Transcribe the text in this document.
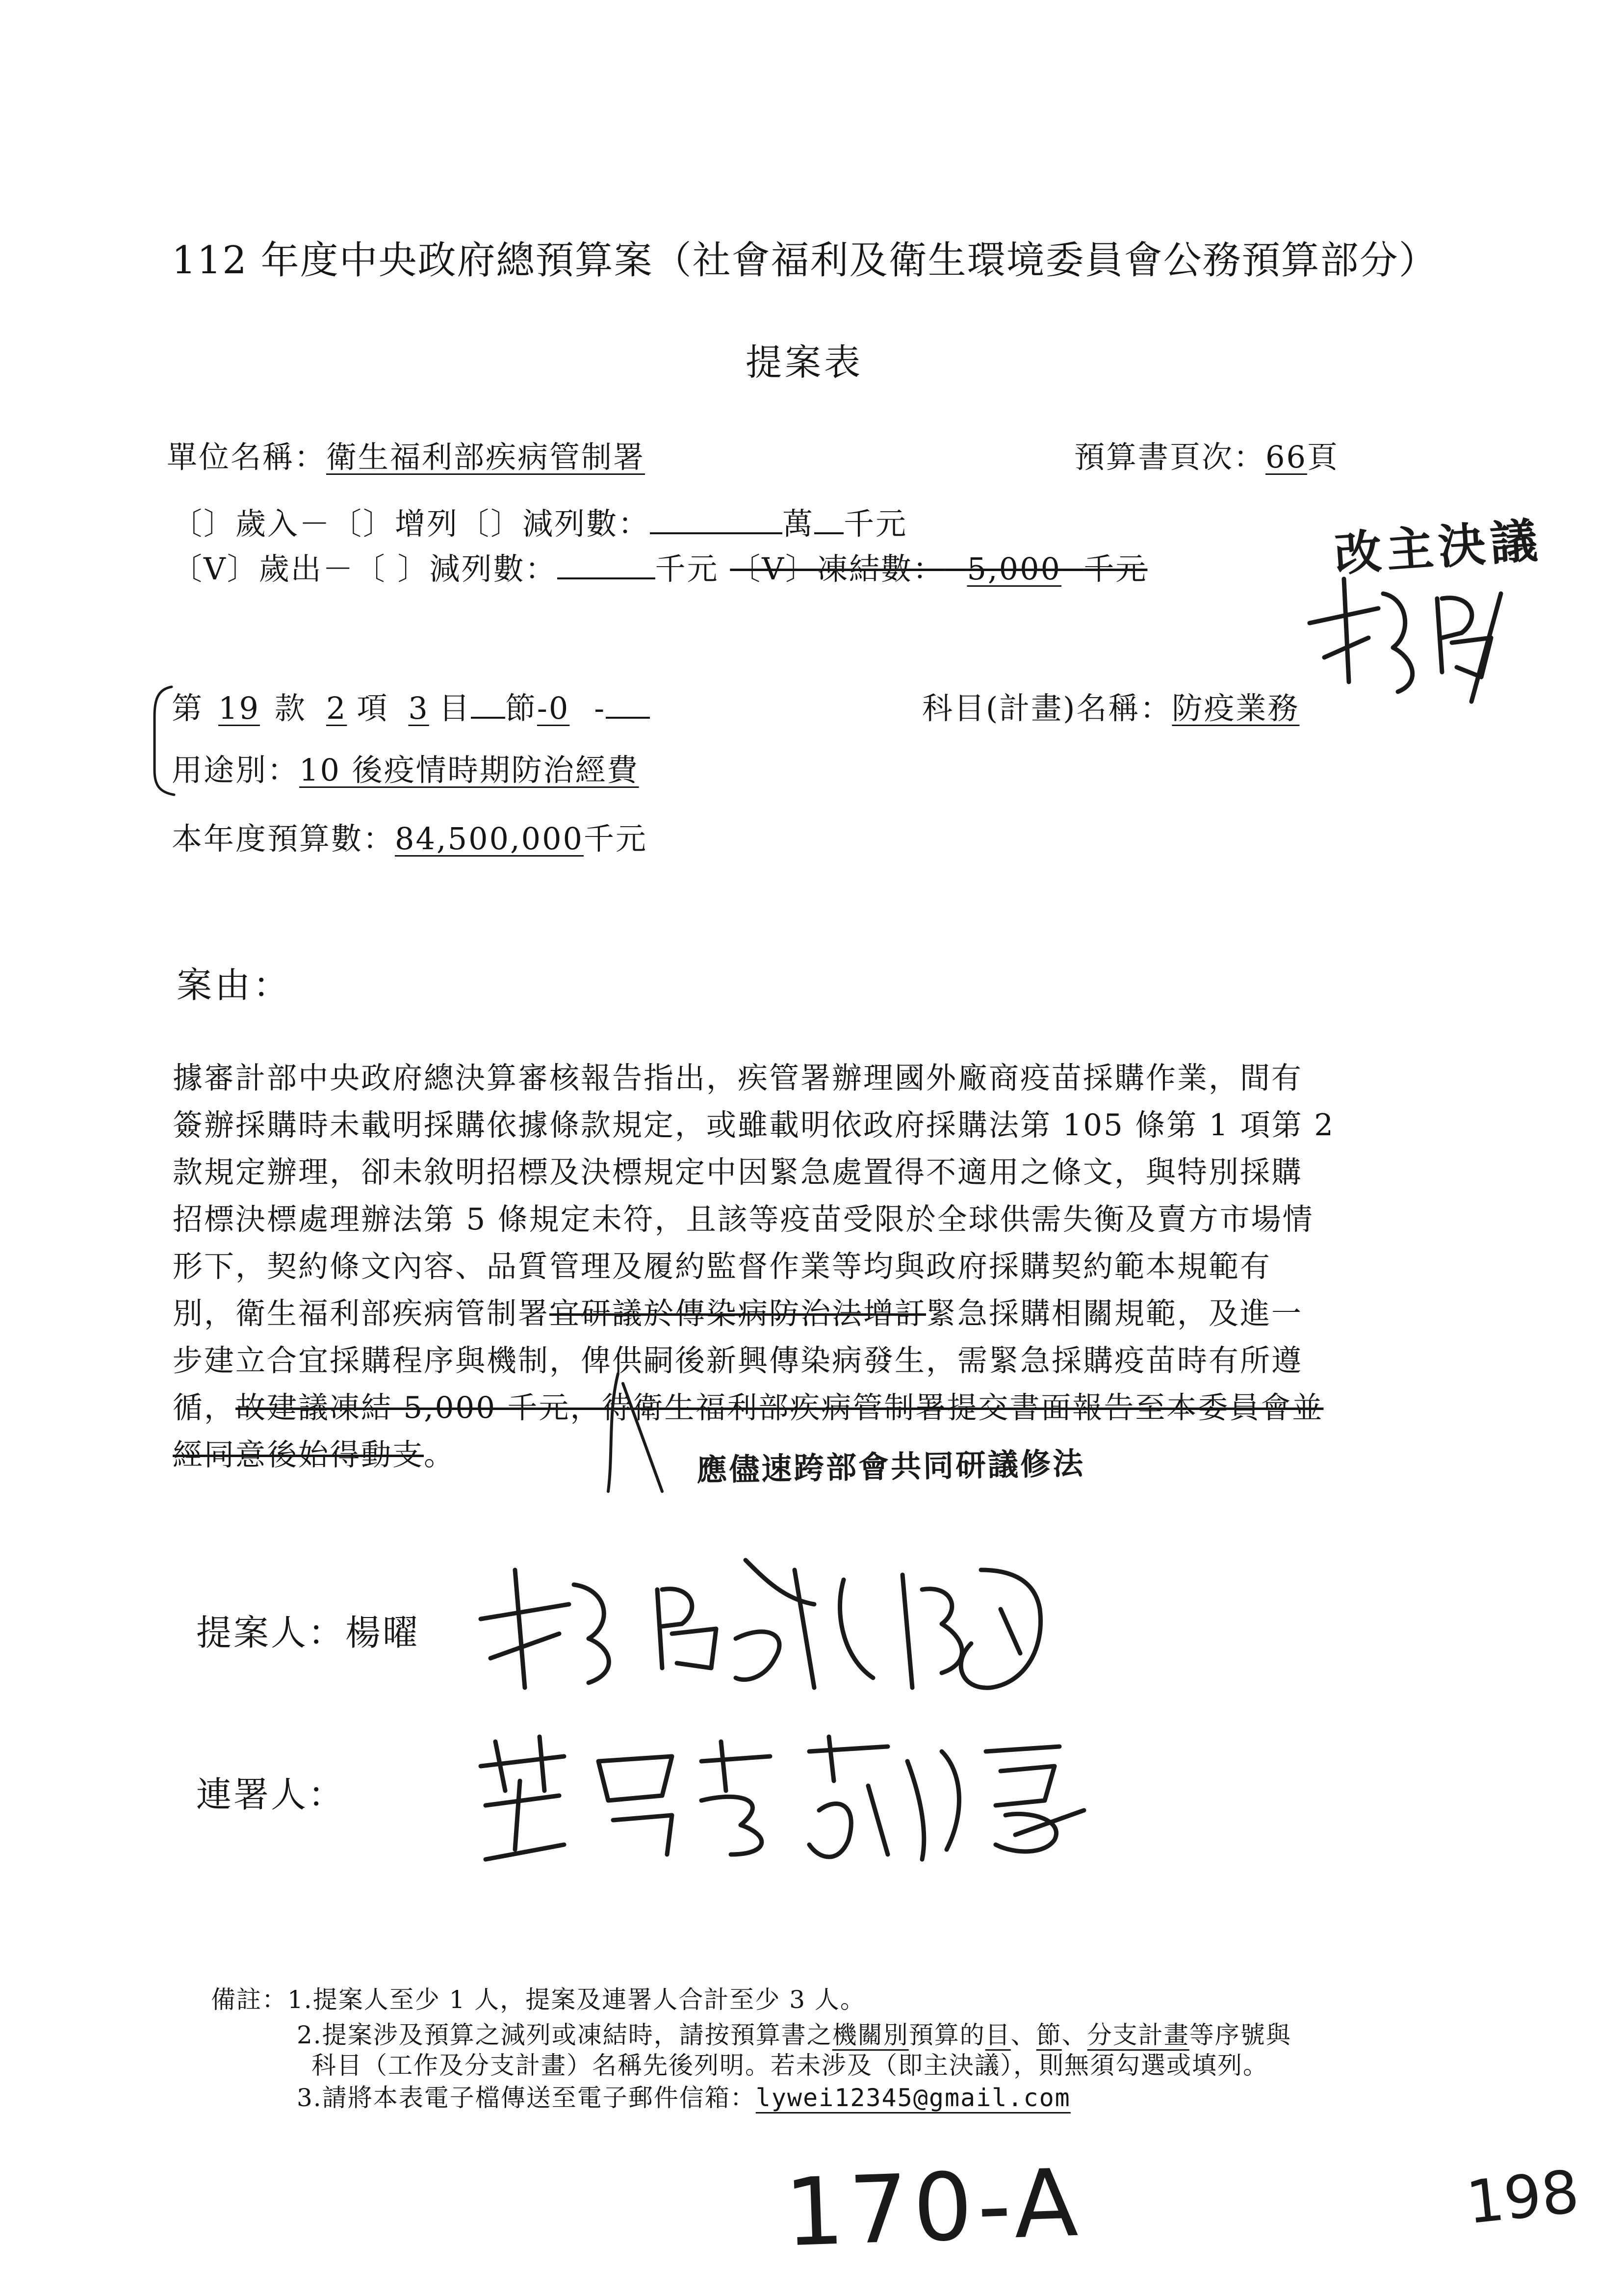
112 年度中央政府總預算案（社會福利及衛生環境委員會公務預算部分）
提案表
單位名稱：衛生福利部疾病管制署	預算書頁次：66頁
〔〕歲入－〔〕增列〔〕減列數：	萬 千元
〔V〕歲出－〔 〕減列數：	千元 〔V〕凍結數： 5,000 千元	改主決議
第 19 款 2 項 3 目 節-0 -	科目(計畫)名稱：防疫業務
用途別：10 後疫情時期防治經費
本年度預算數：84,500,000千元
案由：
據審計部中央政府總決算審核報告指出，疾管署辦理國外廠商疫苗採購作業，間有
簽辦採購時未載明採購依據條款規定，或雖載明依政府採購法第 105 條第 1 項第 2
款規定辦理，卻未敘明招標及決標規定中因緊急處置得不適用之條文，與特別採購
招標決標處理辦法第 5 條規定未符，且該等疫苗受限於全球供需失衡及賣方市場情
形下，契約條文內容、品質管理及履約監督作業等均與政府採購契約範本規範有
別，衛生福利部疾病管制署宜研議於傳染病防治法增訂緊急採購相關規範，及進一
步建立合宜採購程序與機制，俾供嗣後新興傳染病發生，需緊急採購疫苗時有所遵
循，故建議凍結 5,000 千元，待衛生福利部疾病管制署提交書面報告至本委員會並
經同意後始得動支。	應儘速跨部會共同研議修法
提案人：楊曜
連署人：
備註：1.提案人至少 1 人，提案及連署人合計至少 3 人。
2.提案涉及預算之減列或凍結時，請按預算書之機關別預算的目、節、分支計畫等序號與
科目（工作及分支計畫）名稱先後列明。若未涉及（即主決議），則無須勾選或填列。
3.請將本表電子檔傳送至電子郵件信箱：lywei12345@gmail.com
170-A	198
